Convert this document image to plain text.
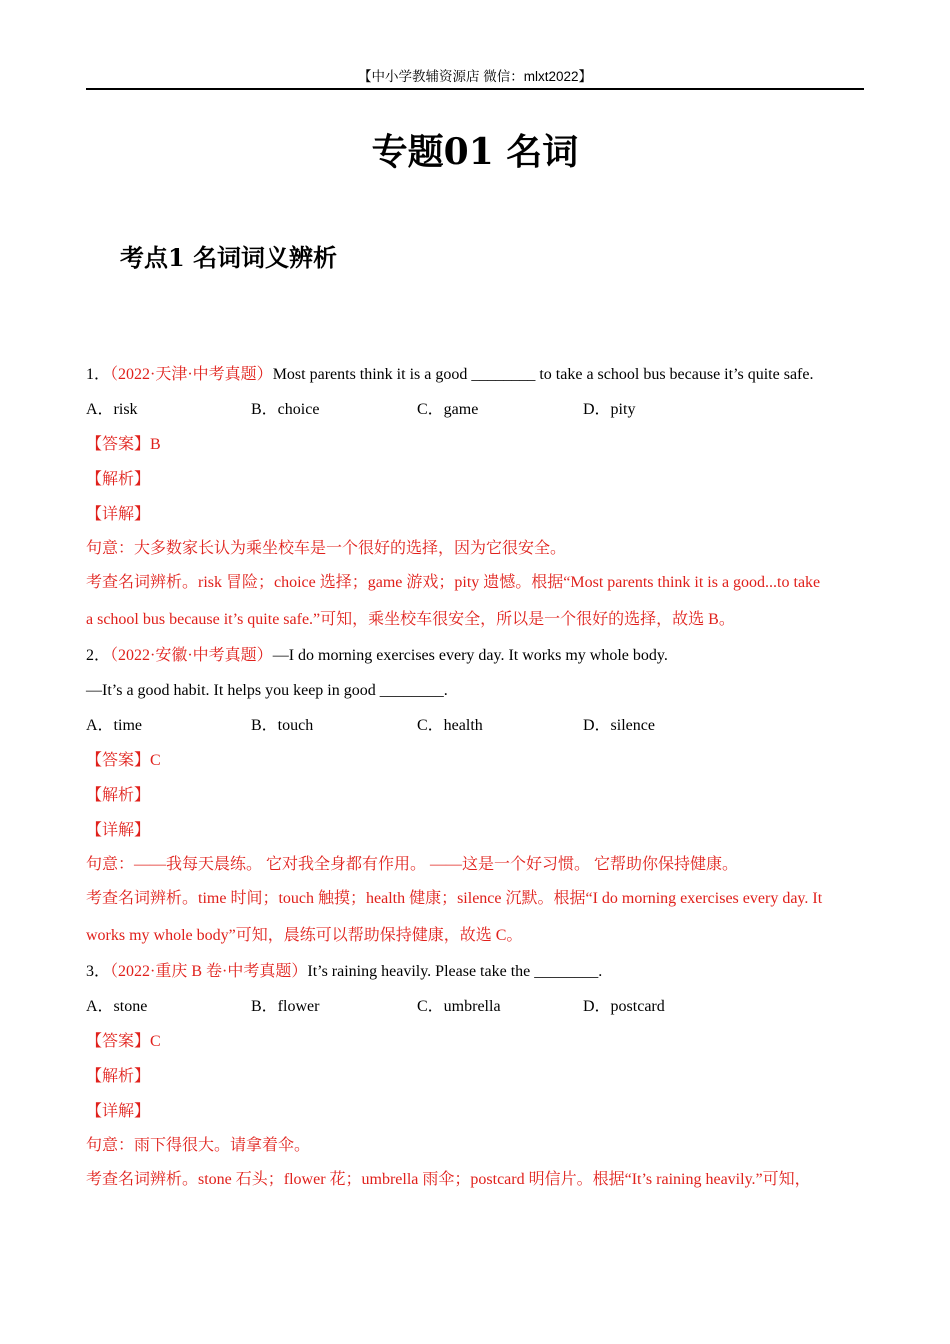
【中小学教辅资源店 微信：mlxt2022】
专题01 名词
考点1 名词词义辨析
1．（2022·天津·中考真题）Most parents think it is a good ________ to take a school bus because it’s quite safe.
A．risk	B．choice	C．game	D．pity
【答案】B
【解析】
【详解】
句意：大多数家长认为乘坐校车是一个很好的选择，因为它很安全。
考查名词辨析。risk 冒险；choice 选择；game 游戏；pity 遗憾。根据“Most parents think it is a good...to take
a school bus because it’s quite safe.”可知，乘坐校车很安全，所以是一个很好的选择，故选 B。
2．（2022·安徽·中考真题）—I do morning exercises every day. It works my whole body.
—It’s a good habit. It helps you keep in good ________.
A．time	B．touch	C．health	D．silence
【答案】C
【解析】
【详解】
句意：——我每天晨练。 它对我全身都有作用。 ——这是一个好习惯。 它帮助你保持健康。
考查名词辨析。time 时间；touch 触摸；health 健康；silence 沉默。根据“I do morning exercises every day. It
works my whole body”可知，晨练可以帮助保持健康，故选 C。
3．（2022·重庆 B 卷·中考真题）It’s raining heavily. Please take the ________.
A．stone	B．flower	C．umbrella	D．postcard
【答案】C
【解析】
【详解】
句意：雨下得很大。请拿着伞。
考查名词辨析。stone 石头；flower 花；umbrella 雨伞；postcard 明信片。根据“It’s raining heavily.”可知，
